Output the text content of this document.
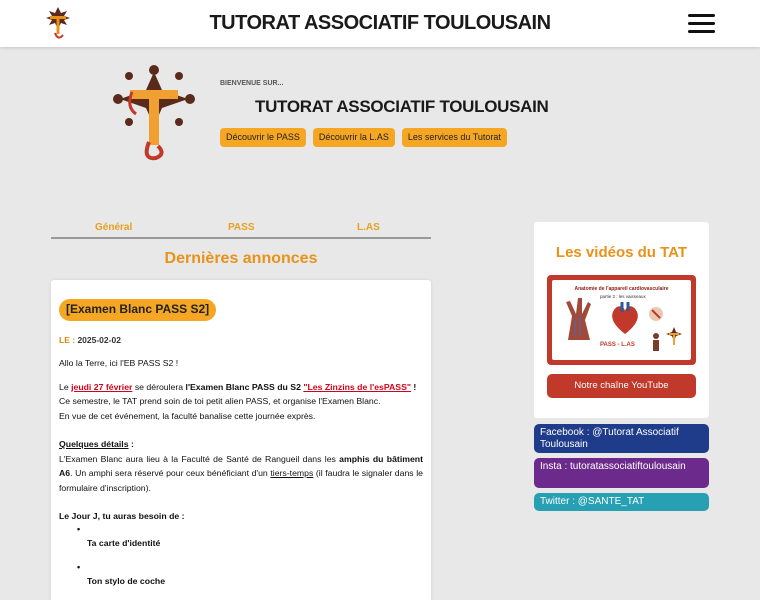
TUTORAT ASSOCIATIF TOULOUSAIN
BIENVENUE SUR...
TUTORAT ASSOCIATIF TOULOUSAIN
Découvrir le PASS	Découvrir la L.AS	Les services du Tutorat
Général	PASS	L.AS
Dernières annonces
[Examen Blanc PASS S2]
LE : 2025-02-02

Allo la Terre, ici l'EB PASS S2 !

Le jeudi 27 février se déroulera l'Examen Blanc PASS du S2 "Les Zinzins de l'esPASS" !

Ce semestre, le TAT prend soin de toi petit alien PASS, et organise l'Examen Blanc.

En vue de cet événement, la faculté banalise cette journée exprès.

Quelques détails :

L'Examen Blanc aura lieu à la Faculté de Santé de Rangueil dans les amphis du bâtiment A6. Un amphi sera réservé pour ceux bénéficiant d'un tiers-temps (il faudra le signaler dans le formulaire d'inscription).

Le Jour J, tu auras besoin de :

• Ta carte d'identité
• Ton stylo de coche
Les vidéos du TAT
Anatomie de l'appareil cardiovasculaire
partie 2 : les vaisseaux
PASS - L.AS
Notre chaîne YouTube
Facebook : @Tutorat Associatif Toulousain
Insta : tutoratassociatiftoulousain
Twitter : @SANTE_TAT
